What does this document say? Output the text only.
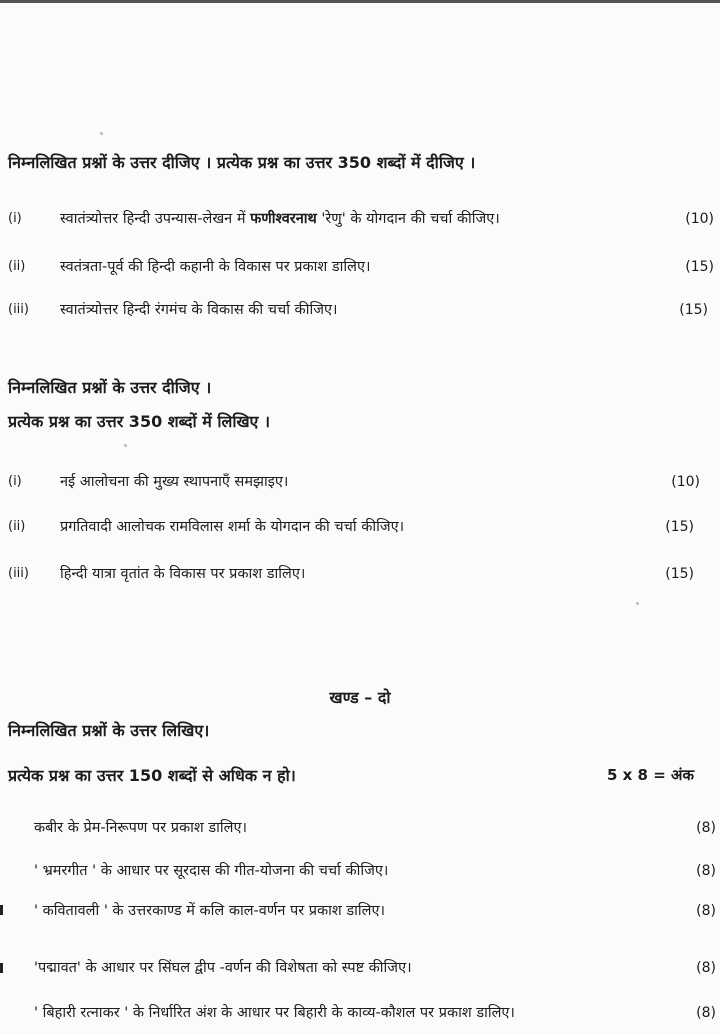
निम्नलिखित प्रश्नों के उत्तर दीजिए । प्रत्येक प्रश्न का उत्तर 350 शब्दों में दीजिए ।
(i)	स्वातंत्र्योत्तर हिन्दी उपन्यास-लेखन में फणीश्वरनाथ 'रेणु' के योगदान की चर्चा कीजिए।	(10)
(ii) स्वतंत्रता-पूर्व की हिन्दी कहानी के विकास पर प्रकाश डालिए।	(15)
(iii) स्वातंत्र्योत्तर हिन्दी रंगमंच के विकास की चर्चा कीजिए।	(15)
निम्नलिखित प्रश्नों के उत्तर दीजिए ।
प्रत्येक प्रश्न का उत्तर 350 शब्दों में लिखिए ।
(i)	नई आलोचना की मुख्य स्थापनाएँ समझाइए।	(10)
(ii) प्रगतिवादी आलोचक रामविलास शर्मा के योगदान की चर्चा कीजिए।	(15)
(iii) हिन्दी यात्रा वृतांत के विकास पर प्रकाश डालिए।	(15)
खण्ड – दो
निम्नलिखित प्रश्नों के उत्तर लिखिए।
प्रत्येक प्रश्न का उत्तर 150 शब्दों से अधिक न हो।	5 x 8 = अंक
कबीर के प्रेम-निरूपण पर प्रकाश डालिए।	(8)
' भ्रमरगीत ' के आधार पर सूरदास की गीत-योजना की चर्चा कीजिए।	(8)
' कवितावली ' के उत्तरकाण्ड में कलि काल-वर्णन पर प्रकाश डालिए।	(8)
'पद्मावत' के आधार पर सिंघल द्वीप -वर्णन की विशेषता को स्पष्ट कीजिए।	(8)
' बिहारी रत्नाकर ' के निर्धारित अंश के आधार पर बिहारी के काव्य-कौशल पर प्रकाश डालिए।	(8)
